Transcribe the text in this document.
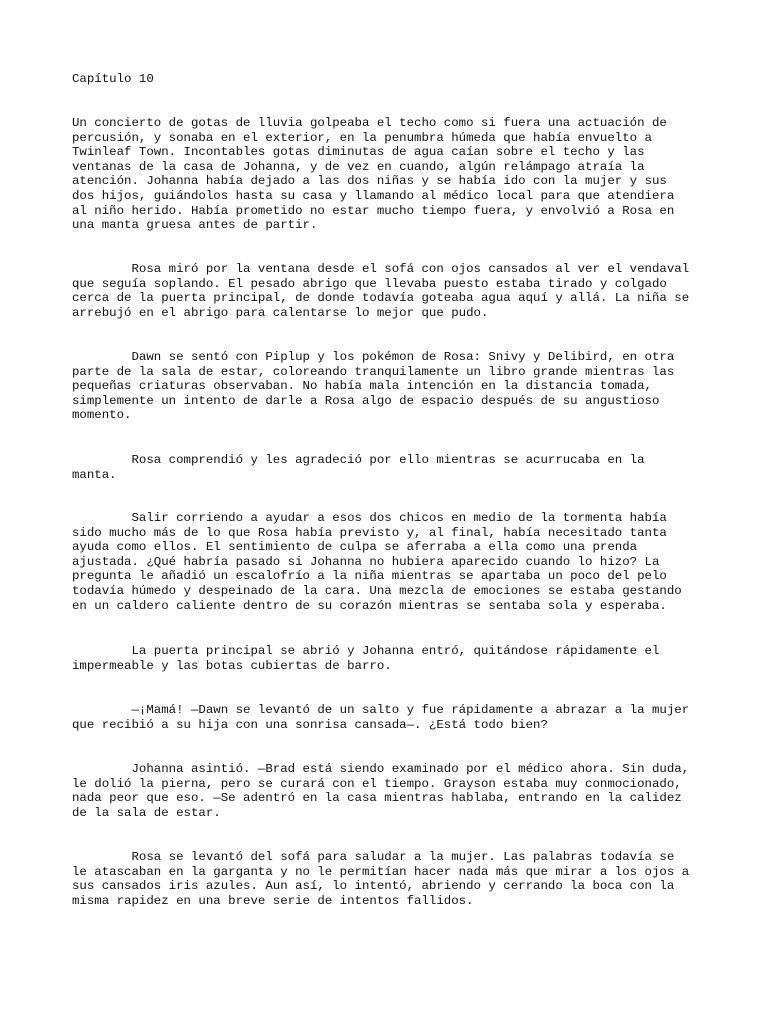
Capítulo 10

Un concierto de gotas de lluvia golpeaba el techo como si fuera una actuación de
percusión, y sonaba en el exterior, en la penumbra húmeda que había envuelto a
Twinleaf Town. Incontables gotas diminutas de agua caían sobre el techo y las
ventanas de la casa de Johanna, y de vez en cuando, algún relámpago atraía la
atención. Johanna había dejado a las dos niñas y se había ido con la mujer y sus
dos hijos, guiándolos hasta su casa y llamando al médico local para que atendiera
al niño herido. Había prometido no estar mucho tiempo fuera, y envolvió a Rosa en
una manta gruesa antes de partir.

Rosa miró por la ventana desde el sofá con ojos cansados al ver el vendaval
que seguía soplando. El pesado abrigo que llevaba puesto estaba tirado y colgado
cerca de la puerta principal, de donde todavía goteaba agua aquí y allá. La niña se
arrebujó en el abrigo para calentarse lo mejor que pudo.

Dawn se sentó con Piplup y los pokémon de Rosa: Snivy y Delibird, en otra
parte de la sala de estar, coloreando tranquilamente un libro grande mientras las
pequeñas criaturas observaban. No había mala intención en la distancia tomada,
simplemente un intento de darle a Rosa algo de espacio después de su angustioso
momento.

Rosa comprendió y les agradeció por ello mientras se acurrucaba en la
manta.

Salir corriendo a ayudar a esos dos chicos en medio de la tormenta había
sido mucho más de lo que Rosa había previsto y, al final, había necesitado tanta
ayuda como ellos. El sentimiento de culpa se aferraba a ella como una prenda
ajustada. ¿Qué habría pasado si Johanna no hubiera aparecido cuando lo hizo? La
pregunta le añadió un escalofrío a la niña mientras se apartaba un poco del pelo
todavía húmedo y despeinado de la cara. Una mezcla de emociones se estaba gestando
en un caldero caliente dentro de su corazón mientras se sentaba sola y esperaba.

La puerta principal se abrió y Johanna entró, quitándose rápidamente el
impermeable y las botas cubiertas de barro.

—¡Mamá! —Dawn se levantó de un salto y fue rápidamente a abrazar a la mujer
que recibió a su hija con una sonrisa cansada—. ¿Está todo bien?

Johanna asintió. —Brad está siendo examinado por el médico ahora. Sin duda,
le dolió la pierna, pero se curará con el tiempo. Grayson estaba muy conmocionado,
nada peor que eso. —Se adentró en la casa mientras hablaba, entrando en la calidez
de la sala de estar.

Rosa se levantó del sofá para saludar a la mujer. Las palabras todavía se
le atascaban en la garganta y no le permitían hacer nada más que mirar a los ojos a
sus cansados iris azules. Aun así, lo intentó, abriendo y cerrando la boca con la
misma rapidez en una breve serie de intentos fallidos.
